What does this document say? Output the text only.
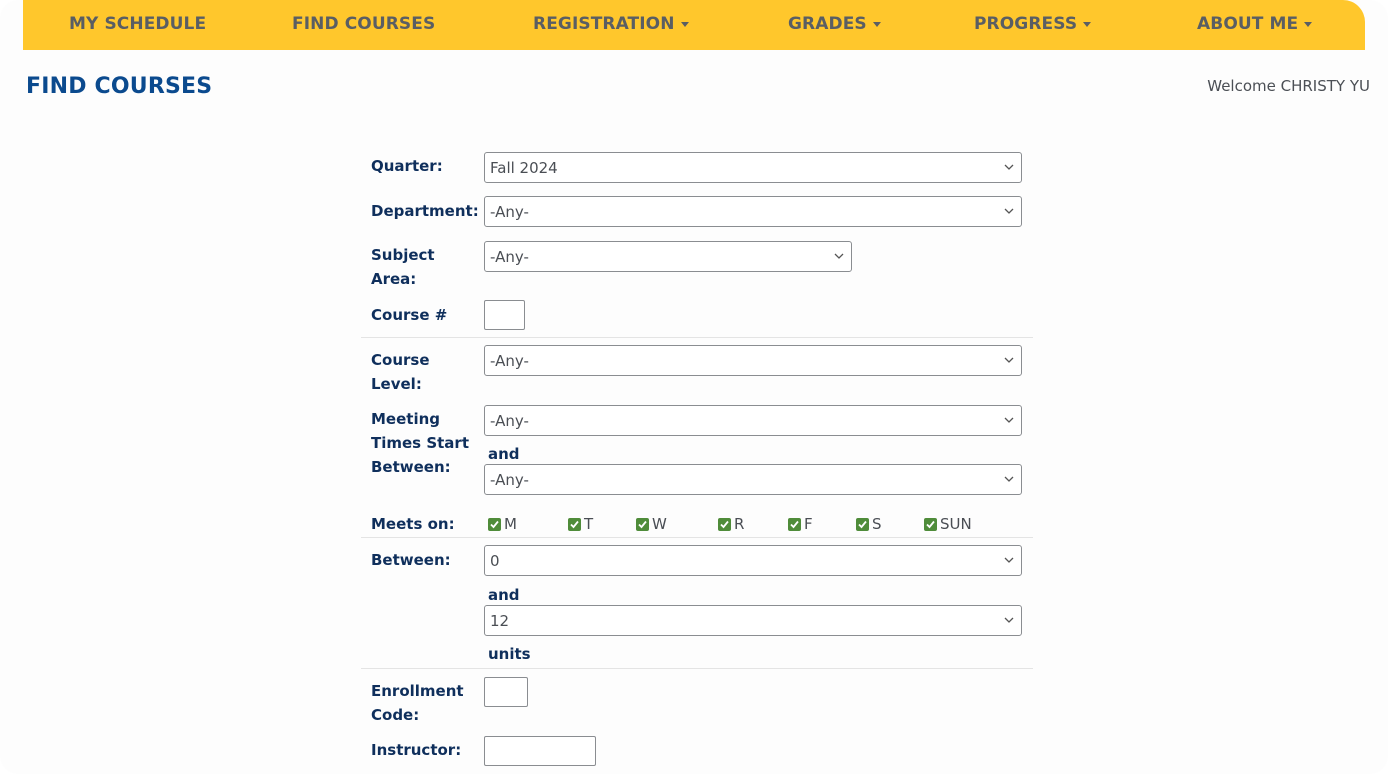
MY SCHEDULE	FIND COURSES	REGISTRATION	GRADES	PROGRESS	ABOUT ME
FIND COURSES	Welcome CHRISTY YU
Quarter:	Fall 2024
Department: -Any-
Subject
Area:
-Any-
Course #
Course
Level:
-Any-
Meeting
Times Start
Between:
-Any-
and
-Any-
Meets on:	M	T	W	R	F	S	SUN
Between:	0
and
12
units
Enrollment
Code:
Instructor:
